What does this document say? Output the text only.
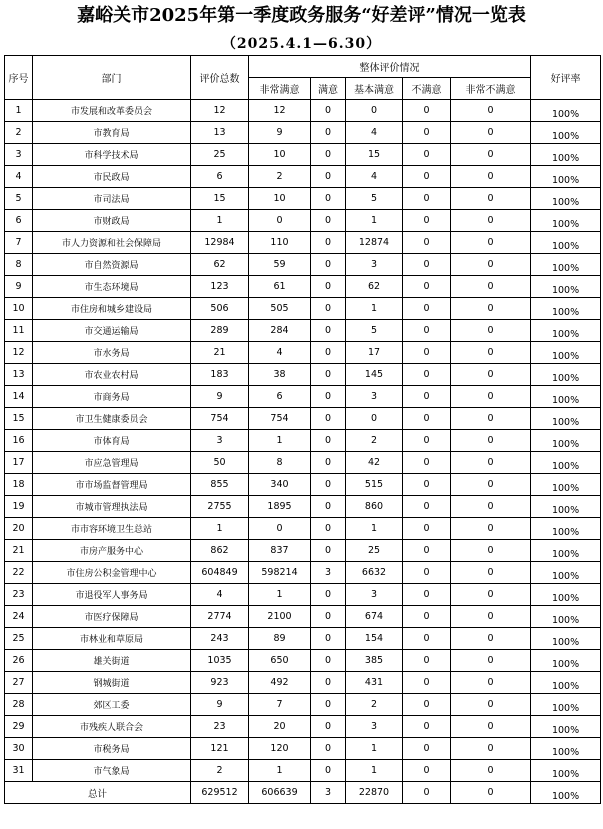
嘉峪关市2025年第一季度政务服务“好差评”情况一览表
（2025.4.1—6.30）
序号	部门	评价总数	整体评价情况					好评率
			非常满意	满意	基本满意	不满意	非常不满意	
1	市发展和改革委员会	12	12	0	0	0	0	100%
2	市教育局	13	9	0	4	0	0	100%
3	市科学技术局	25	10	0	15	0	0	100%
4	市民政局	6	2	0	4	0	0	100%
5	市司法局	15	10	0	5	0	0	100%
6	市财政局	1	0	0	1	0	0	100%
7	市人力资源和社会保障局	12984	110	0	12874	0	0	100%
8	市自然资源局	62	59	0	3	0	0	100%
9	市生态环境局	123	61	0	62	0	0	100%
10	市住房和城乡建设局	506	505	0	1	0	0	100%
11	市交通运输局	289	284	0	5	0	0	100%
12	市水务局	21	4	0	17	0	0	100%
13	市农业农村局	183	38	0	145	0	0	100%
14	市商务局	9	6	0	3	0	0	100%
15	市卫生健康委员会	754	754	0	0	0	0	100%
16	市体育局	3	1	0	2	0	0	100%
17	市应急管理局	50	8	0	42	0	0	100%
18	市市场监督管理局	855	340	0	515	0	0	100%
19	市城市管理执法局	2755	1895	0	860	0	0	100%
20	市市容环境卫生总站	1	0	0	1	0	0	100%
21	市房产服务中心	862	837	0	25	0	0	100%
22	市住房公积金管理中心	604849	598214	3	6632	0	0	100%
23	市退役军人事务局	4	1	0	3	0	0	100%
24	市医疗保障局	2774	2100	0	674	0	0	100%
25	市林业和草原局	243	89	0	154	0	0	100%
26	雄关街道	1035	650	0	385	0	0	100%
27	钢城街道	923	492	0	431	0	0	100%
28	郊区工委	9	7	0	2	0	0	100%
29	市残疾人联合会	23	20	0	3	0	0	100%
30	市税务局	121	120	0	1	0	0	100%
31	市气象局	2	1	0	1	0	0	100%
总计		629512	606639	3	22870	0	0	100%
